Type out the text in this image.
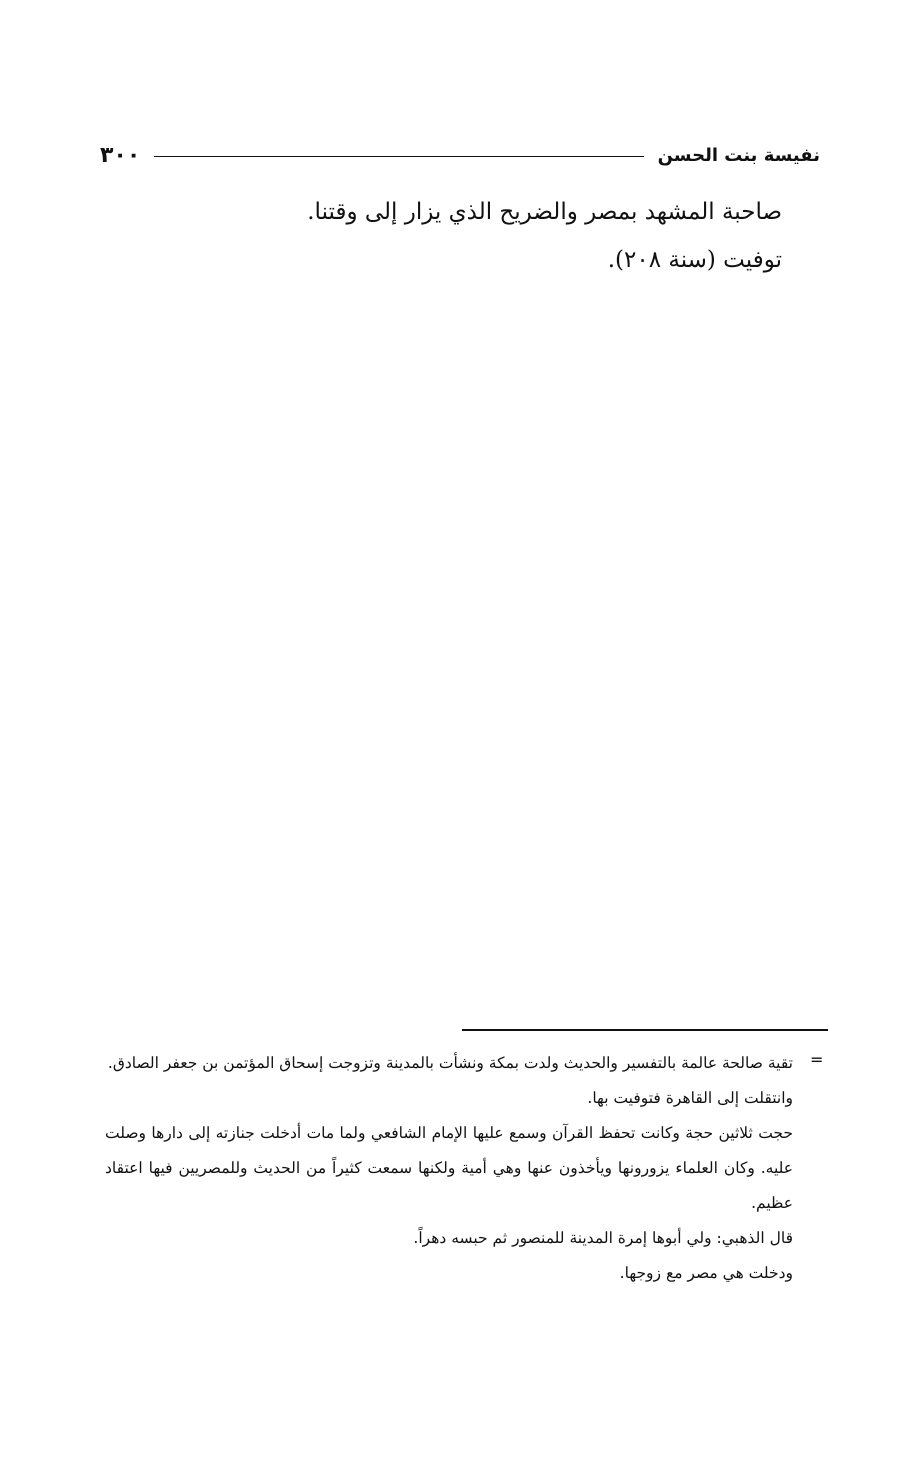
٣٠٠	نفيسة بنت الحسن

صاحبة المشهد بمصر والضريح الذي يزار إلى وقتنا.

توفيت (سنة ٢٠٨).

=

تقية صالحة عالمة بالتفسير والحديث ولدت بمكة ونشأت بالمدينة وتزوجت إسحاق المؤتمن بن جعفر الصادق.

وانتقلت إلى القاهرة فتوفيت بها.

حجت ثلاثين حجة وكانت تحفظ القرآن وسمع عليها الإمام الشافعي ولما مات أدخلت جنازته إلى دارها وصلت عليه. وكان العلماء يزورونها ويأخذون عنها وهي أمية ولكنها سمعت كثيراً من الحديث وللمصريين فيها اعتقاد عظيم.

قال الذهبي: ولي أبوها إمرة المدينة للمنصور ثم حبسه دهراً.

ودخلت هي مصر مع زوجها.
